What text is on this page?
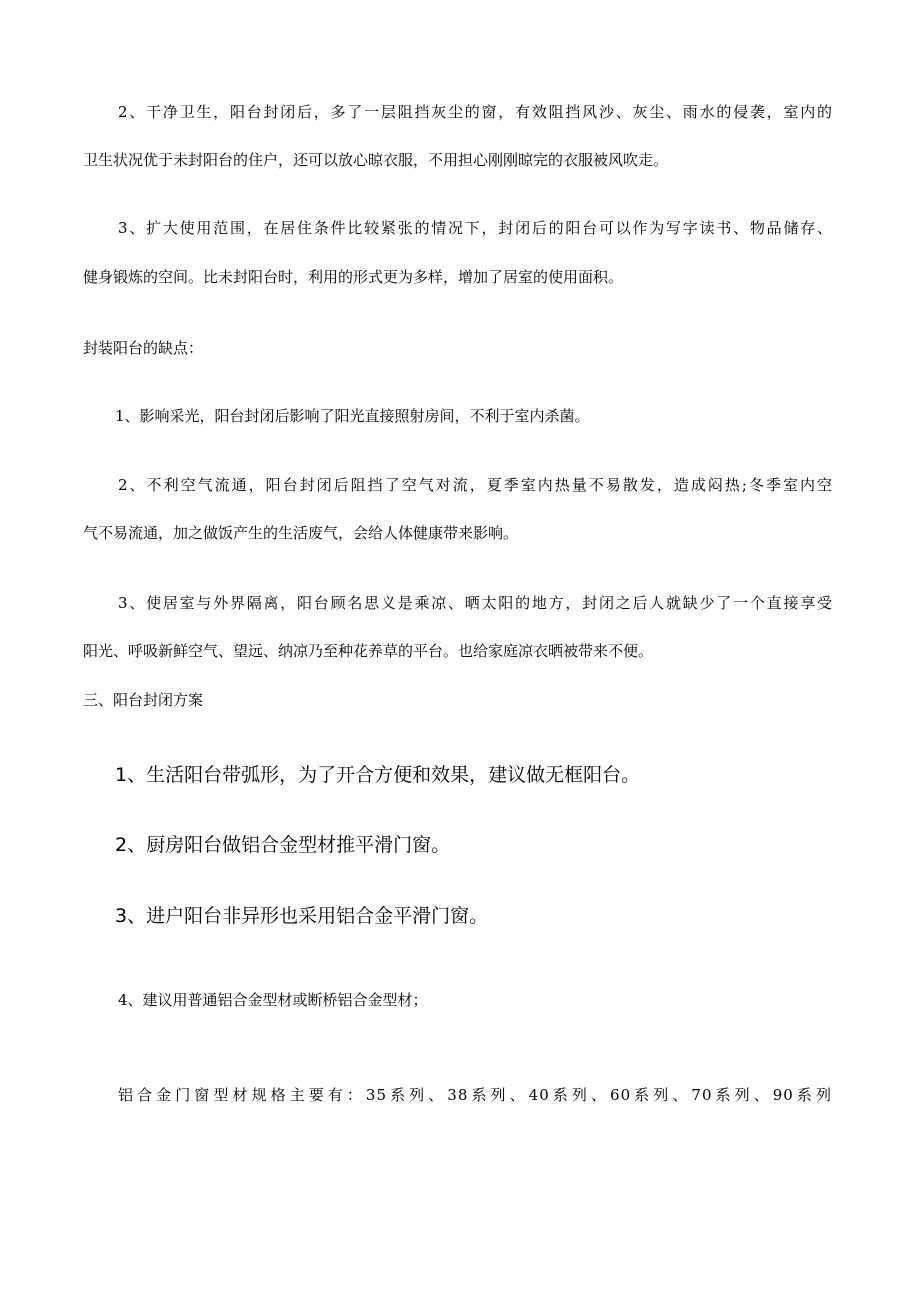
2、干净卫生，阳台封闭后，多了一层阻挡灰尘的窗，有效阻挡风沙、灰尘、雨水的侵袭，室内的
卫生状况优于未封阳台的住户，还可以放心晾衣服，不用担心刚刚晾完的衣服被风吹走。
3、扩大使用范围，在居住条件比较紧张的情况下，封闭后的阳台可以作为写字读书、物品储存、
健身锻炼的空间。比未封阳台时，利用的形式更为多样，增加了居室的使用面积。
封装阳台的缺点：
1、影响采光，阳台封闭后影响了阳光直接照射房间，不利于室内杀菌。
2、不利空气流通，阳台封闭后阻挡了空气对流，夏季室内热量不易散发，造成闷热;冬季室内空
气不易流通，加之做饭产生的生活废气，会给人体健康带来影响。
3、使居室与外界隔离，阳台顾名思义是乘凉、晒太阳的地方，封闭之后人就缺少了一个直接享受
阳光、呼吸新鲜空气、望远、纳凉乃至种花养草的平台。也给家庭凉衣晒被带来不便。
三、阳台封闭方案
1、生活阳台带弧形，为了开合方便和效果，建议做无框阳台。
2、厨房阳台做铝合金型材推平滑门窗。
3、进户阳台非异形也采用铝合金平滑门窗。
4、建议用普通铝合金型材或断桥铝合金型材；
铝合金门窗型材规格主要有：35系列、38系列、40系列、60系列、70系列、90系列
